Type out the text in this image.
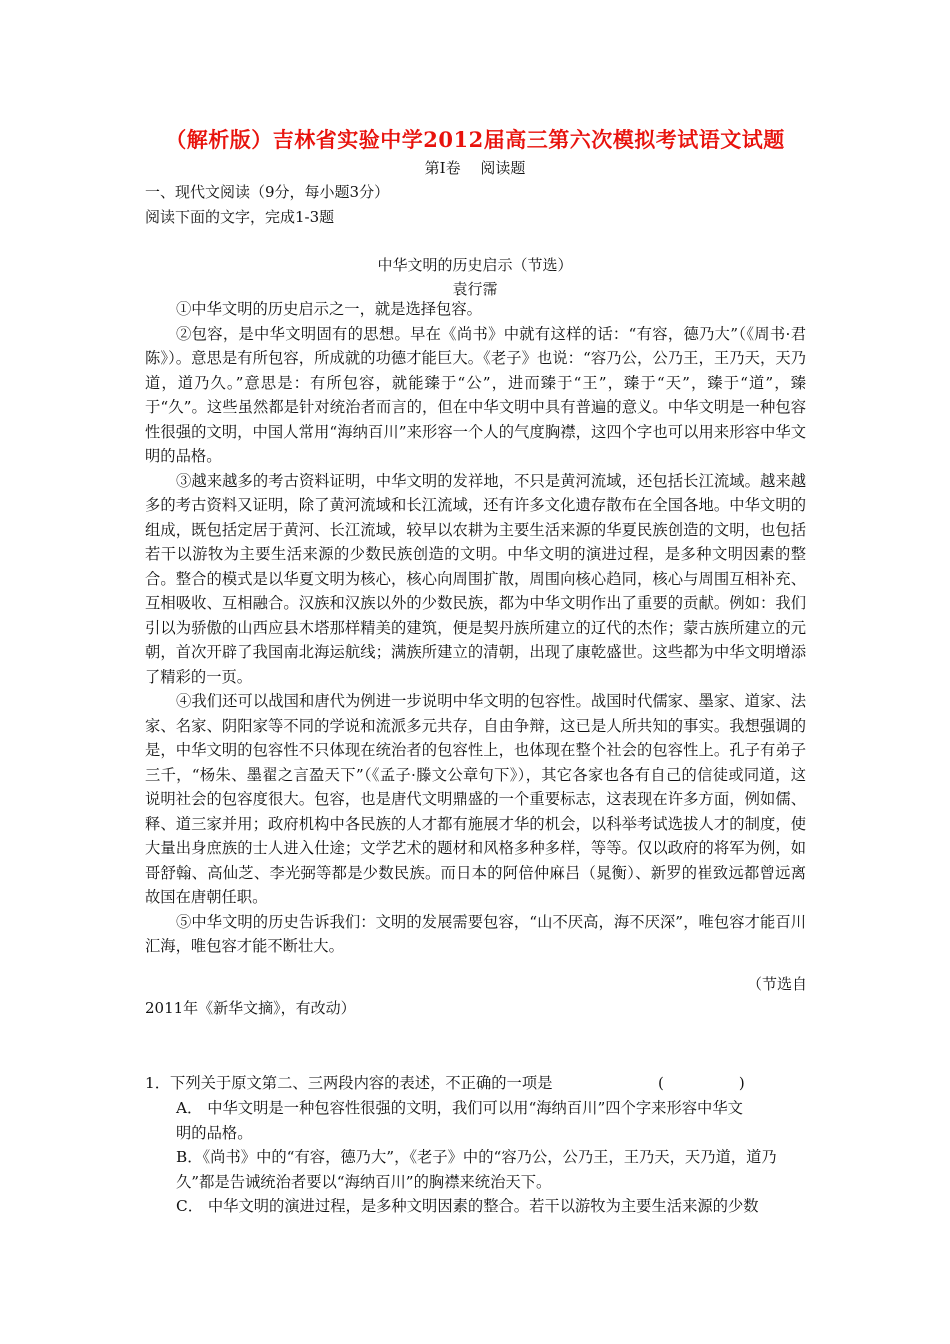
（解析版）吉林省实验中学2012届高三第六次模拟考试语文试题
第Ⅰ卷　 阅读题
一、现代文阅读（9分，每小题3分）
阅读下面的文字，完成1-3题
中华文明的历史启示（节选）
袁行霈

①中华文明的历史启示之一，就是选择包容。

②包容，是中华文明固有的思想。早在《尚书》中就有这样的话：“有容，德乃大”（《周书·君陈》）。意思是有所包容，所成就的功德才能巨大。《老子》也说：“容乃公，公乃王，王乃天，天乃道，道乃久。”意思是：有所包容，就能臻于“公”，进而臻于“王”，臻于“天”，臻于“道”，臻于“久”。这些虽然都是针对统治者而言的，但在中华文明中具有普遍的意义。中华文明是一种包容性很强的文明，中国人常用“海纳百川”来形容一个人的气度胸襟，这四个字也可以用来形容中华文明的品格。

③越来越多的考古资料证明，中华文明的发祥地，不只是黄河流域，还包括长江流域。越来越多的考古资料又证明，除了黄河流域和长江流域，还有许多文化遗存散布在全国各地。中华文明的组成，既包括定居于黄河、长江流域，较早以农耕为主要生活来源的华夏民族创造的文明，也包括若干以游牧为主要生活来源的少数民族创造的文明。中华文明的演进过程，是多种文明因素的整合。整合的模式是以华夏文明为核心，核心向周围扩散，周围向核心趋同，核心与周围互相补充、互相吸收、互相融合。汉族和汉族以外的少数民族，都为中华文明作出了重要的贡献。例如：我们引以为骄傲的山西应县木塔那样精美的建筑，便是契丹族所建立的辽代的杰作；蒙古族所建立的元朝，首次开辟了我国南北海运航线；满族所建立的清朝，出现了康乾盛世。这些都为中华文明增添了精彩的一页。

④我们还可以战国和唐代为例进一步说明中华文明的包容性。战国时代儒家、墨家、道家、法家、名家、阴阳家等不同的学说和流派多元共存，自由争辩，这已是人所共知的事实。我想强调的是，中华文明的包容性不只体现在统治者的包容性上，也体现在整个社会的包容性上。孔子有弟子三千，“杨朱、墨翟之言盈天下”（《孟子·滕文公章句下》），其它各家也各有自己的信徒或同道，这说明社会的包容度很大。包容，也是唐代文明鼎盛的一个重要标志，这表现在许多方面，例如儒、释、道三家并用；政府机构中各民族的人才都有施展才华的机会，以科举考试选拔人才的制度，使大量出身庶族的士人进入仕途；文学艺术的题材和风格多种多样，等等。仅以政府的将军为例，如哥舒翰、高仙芝、李光弼等都是少数民族。而日本的阿倍仲麻吕（晁衡）、新罗的崔致远都曾远离故国在唐朝任职。

⑤中华文明的历史告诉我们：文明的发展需要包容，“山不厌高，海不厌深”，唯包容才能百川汇海，唯包容才能不断壮大。

（节选自
2011年《新华文摘》，有改动）
1．下列关于原文第二、三两段内容的表述，不正确的一项是	(　　　　　)
A． 中华文明是一种包容性很强的文明，我们可以用“海纳百川”四个字来形容中华文
明的品格。
B．《尚书》中的“有容，德乃大”，《老子》中的“容乃公，公乃王，王乃天，天乃道，道乃
久”都是告诫统治者要以“海纳百川”的胸襟来统治天下。
C． 中华文明的演进过程，是多种文明因素的整合。若干以游牧为主要生活来源的少数
